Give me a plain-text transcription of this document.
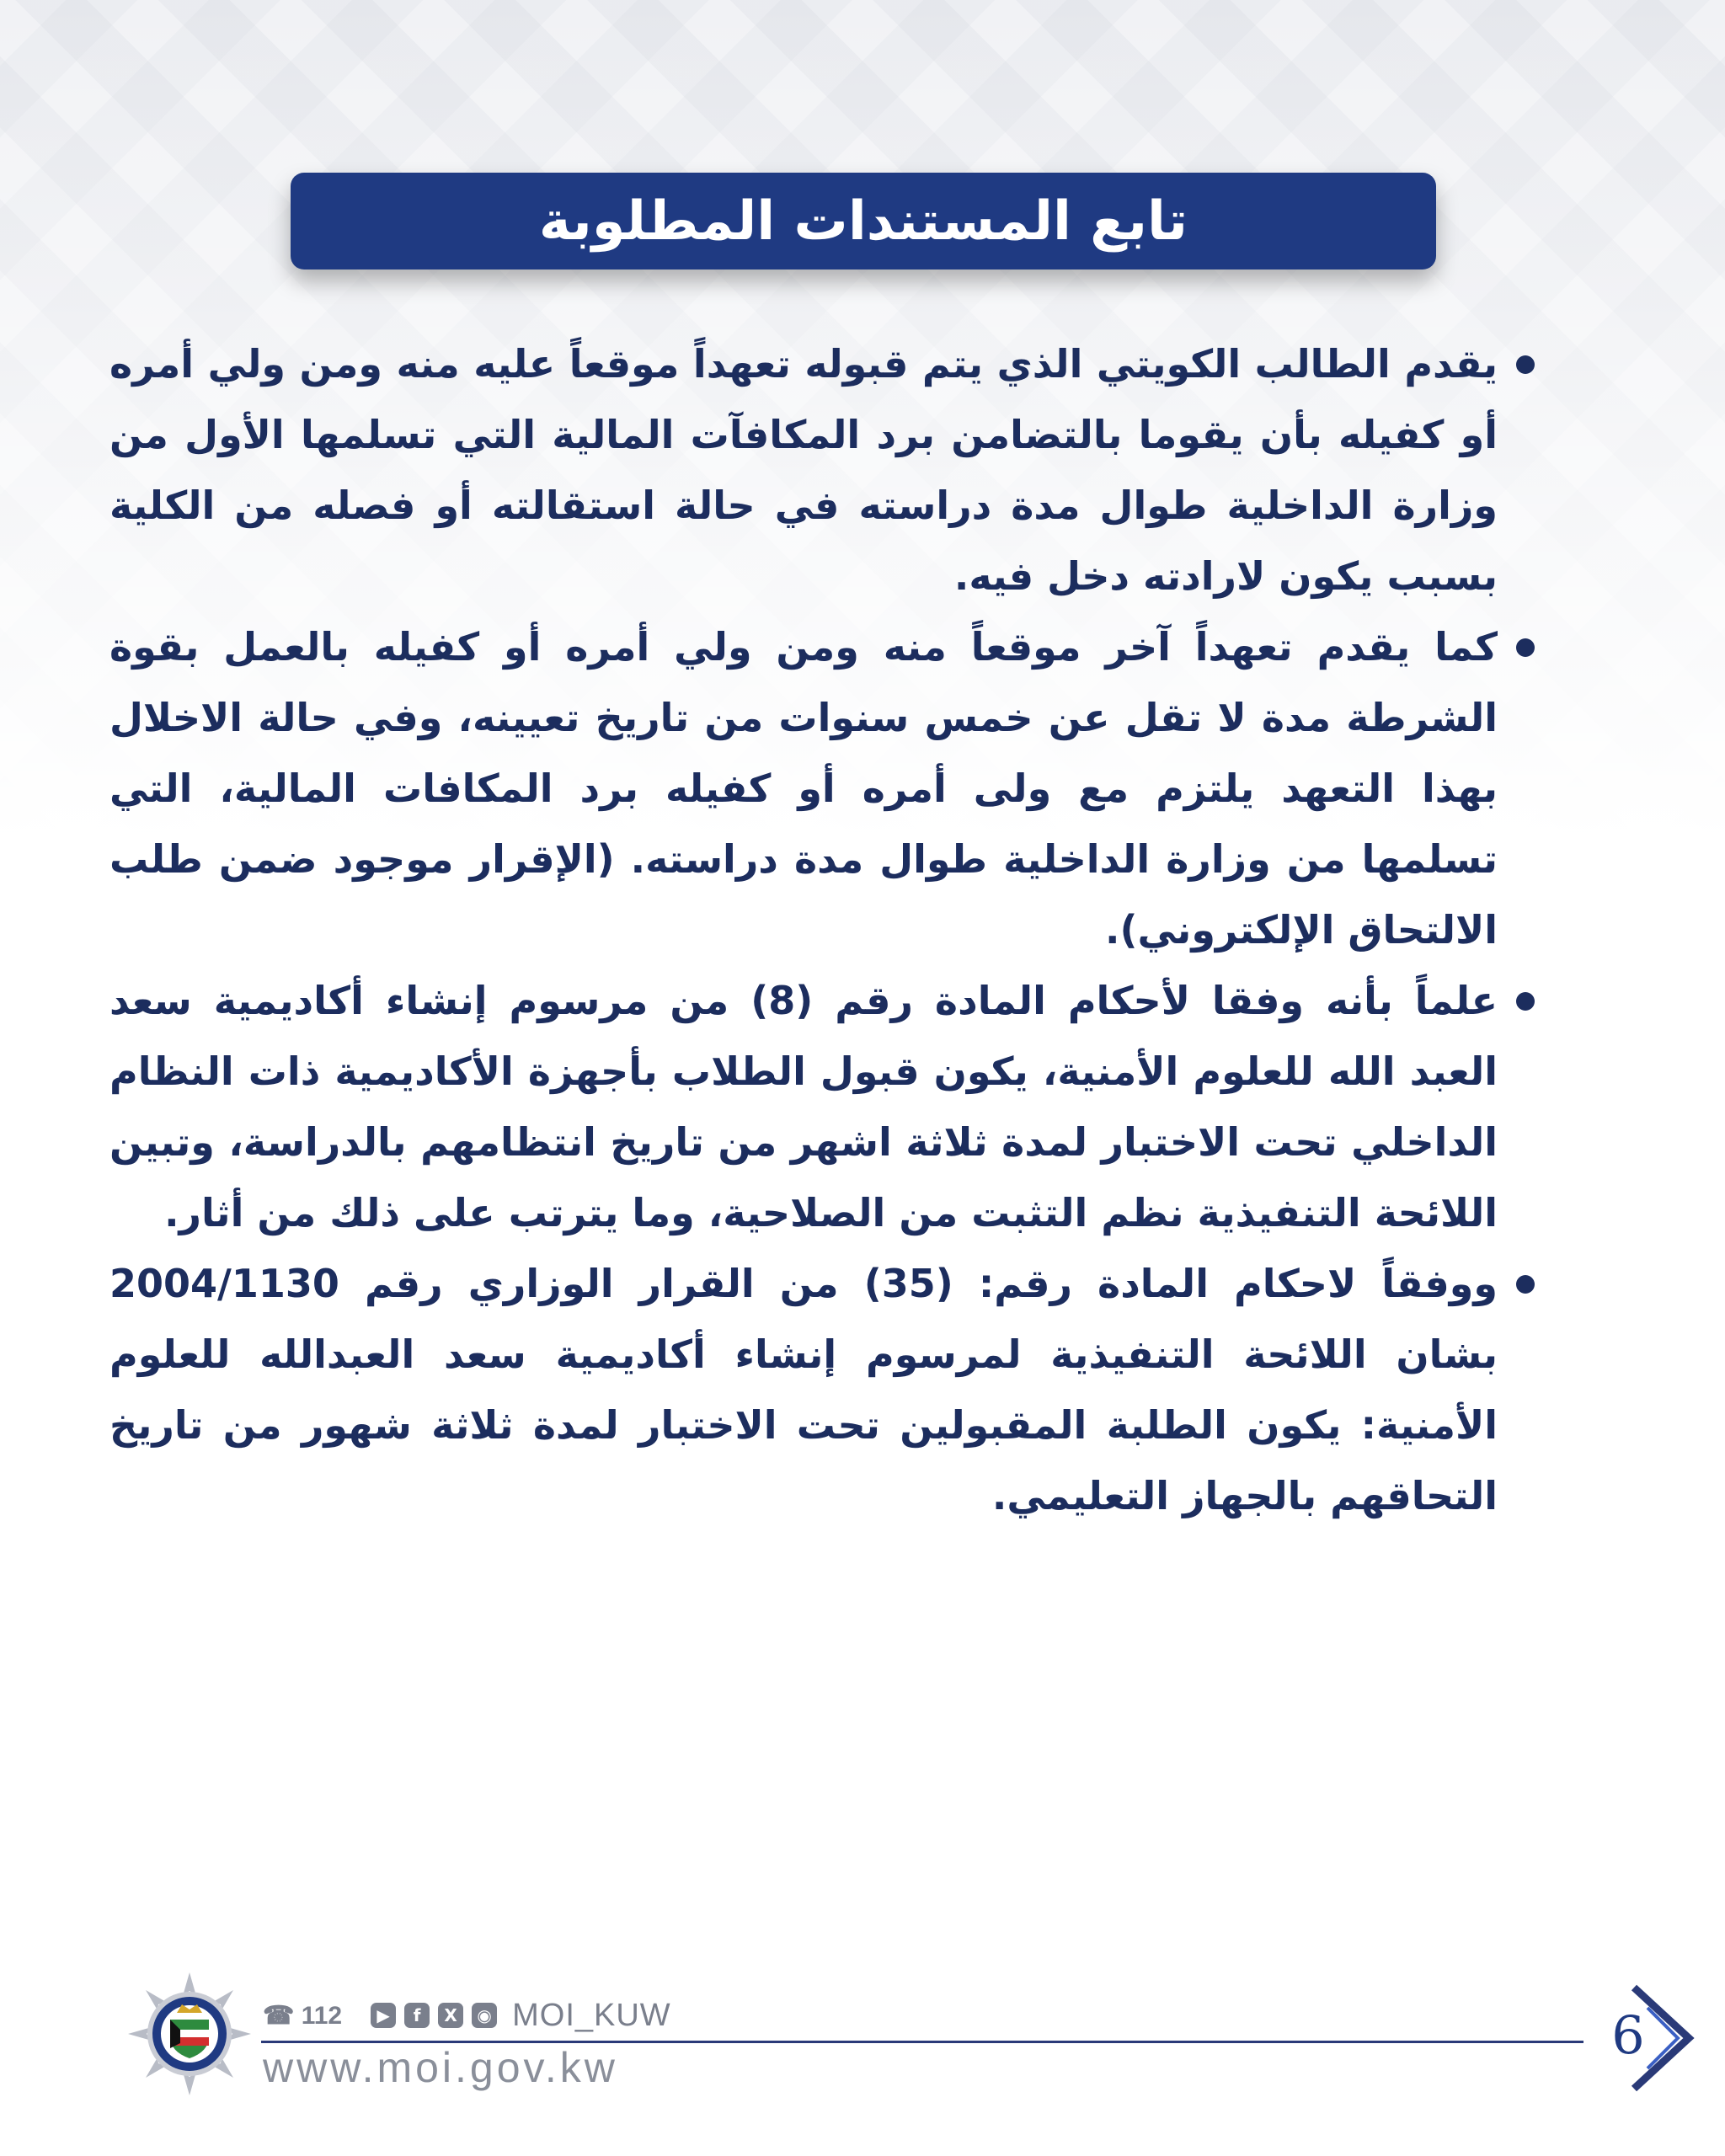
تابع المستندات المطلوبة
يقدم الطالب الكويتي الذي يتم قبوله تعهداً موقعاً عليه منه ومن ولي أمره أو كفيله بأن يقوما بالتضامن برد المكافآت المالية التي تسلمها الأول من وزارة الداخلية طوال مدة دراسته في حالة استقالته أو فصله من الكلية بسبب يكون لارادته دخل فيه.
كما يقدم تعهداً آخر موقعاً منه ومن ولي أمره أو كفيله بالعمل بقوة الشرطة مدة لا تقل عن خمس سنوات من تاريخ تعيينه، وفي حالة الاخلال بهذا التعهد يلتزم مع ولى أمره أو كفيله برد المكافات المالية، التي تسلمها من وزارة الداخلية طوال مدة دراسته. (الإقرار موجود ضمن طلب الالتحاق الإلكتروني).
علماً بأنه وفقا لأحكام المادة رقم (8) من مرسوم إنشاء أكاديمية سعد العبد الله للعلوم الأمنية، يكون قبول الطلاب بأجهزة الأكاديمية ذات النظام الداخلي تحت الاختبار لمدة ثلاثة اشهر من تاريخ انتظامهم بالدراسة، وتبين اللائحة التنفيذية نظم التثبت من الصلاحية، وما يترتب على ذلك من أثار.
ووفقاً لاحكام المادة رقم: (35) من القرار الوزاري رقم 2004/1130 بشان اللائحة التنفيذية لمرسوم إنشاء أكاديمية سعد العبدالله للعلوم الأمنية: يكون الطلبة المقبولين تحت الاختبار لمدة ثلاثة شهور من تاريخ التحاقهم بالجهاز التعليمي.
☎ 112	▶	f	X	◉ MOI_KUW
www.moi.gov.kw
6
